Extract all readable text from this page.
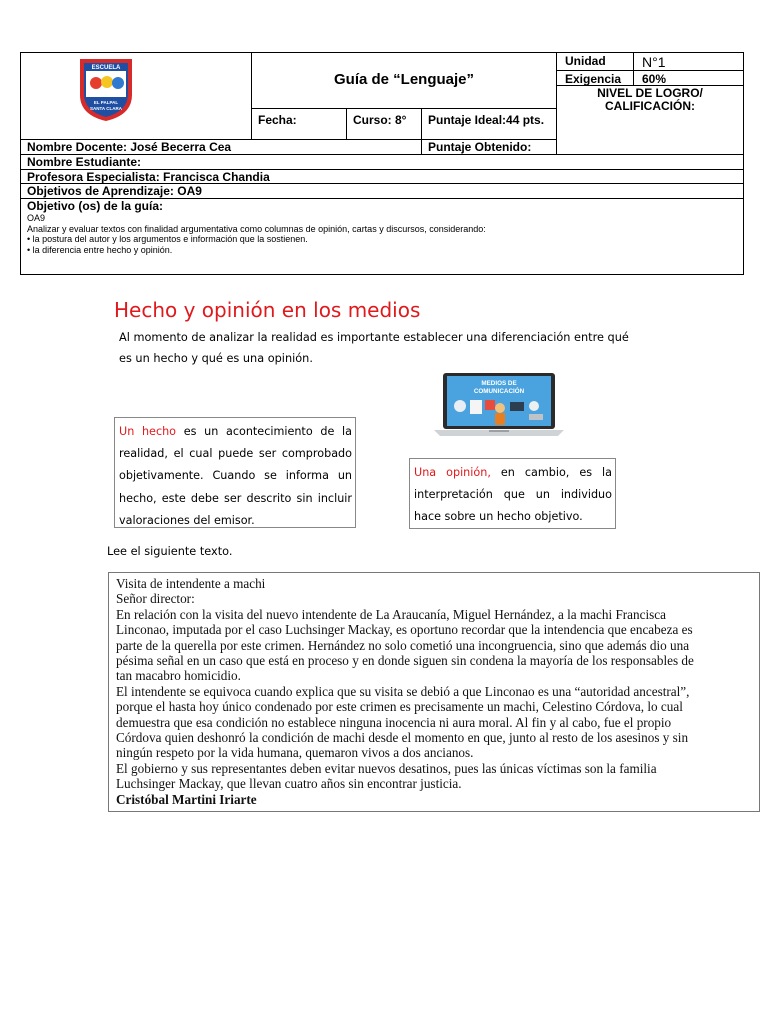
ESCUELA
EL PALPAL
SANTA CLARA
Guía de “Lenguaje”
Unidad	N°1
Exigencia 60%
NIVEL DE LOGRO/ CALIFICACIÓN:
Fecha:	Curso: 8° Puntaje Ideal:44 pts.
Nombre Docente: José Becerra Cea	Puntaje Obtenido:
Nombre Estudiante:
Profesora Especialista: Francisca Chandia
Objetivos de Aprendizaje: OA9
Objetivo (os) de la guía:
OA9
Analizar y evaluar textos con finalidad argumentativa como columnas de opinión, cartas y discursos, considerando:
• la postura del autor y los argumentos e información que la sostienen.
• la diferencia entre hecho y opinión.
Hecho y opinión en los medios
Al momento de analizar la realidad es importante establecer una diferenciación entre qué
es un hecho y qué es una opinión.
MEDIOS DE
COMUNICACIÓN
Un hecho es un acontecimiento de la
realidad, el cual puede ser comprobado
objetivamente. Cuando se informa un
hecho, este debe ser descrito sin incluir
valoraciones del emisor.
Una opinión, en cambio, es la
interpretación que un individuo
hace sobre un hecho objetivo.
Lee el siguiente texto.
Visita de intendente a machi
Señor director:
En relación con la visita del nuevo intendente de La Araucanía, Miguel Hernández, a la machi Francisca
Linconao, imputada por el caso Luchsinger Mackay, es oportuno recordar que la intendencia que encabeza es
parte de la querella por este crimen. Hernández no solo cometió una incongruencia, sino que además dio una
pésima señal en un caso que está en proceso y en donde siguen sin condena la mayoría de los responsables de
tan macabro homicidio.
El intendente se equivoca cuando explica que su visita se debió a que Linconao es una “autoridad ancestral”,
porque el hasta hoy único condenado por este crimen es precisamente un machi, Celestino Córdova, lo cual
demuestra que esa condición no establece ninguna inocencia ni aura moral. Al fin y al cabo, fue el propio
Córdova quien deshonró la condición de machi desde el momento en que, junto al resto de los asesinos y sin
ningún respeto por la vida humana, quemaron vivos a dos ancianos.
El gobierno y sus representantes deben evitar nuevos desatinos, pues las únicas víctimas son la familia
Luchsinger Mackay, que llevan cuatro años sin encontrar justicia.
Cristóbal Martini Iriarte
